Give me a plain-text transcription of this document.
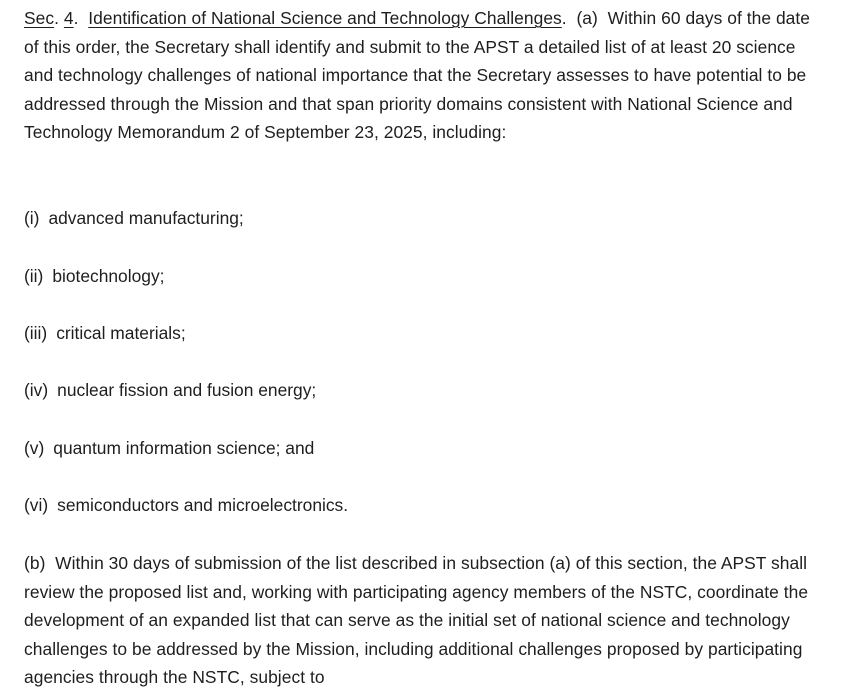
Sec. 4.  Identification of National Science and Technology Challenges.  (a) Within 60 days of the date of this order, the Secretary shall identify and submit to the APST a detailed list of at least 20 science and technology challenges of national importance that the Secretary assesses to have potential to be addressed through the Mission and that span priority domains consistent with National Science and Technology Memorandum 2 of September 23, 2025, including:

(i) advanced manufacturing;

(ii) biotechnology;

(iii) critical materials;

(iv) nuclear fission and fusion energy;

(v) quantum information science; and

(vi) semiconductors and microelectronics.

(b) Within 30 days of submission of the list described in subsection (a) of this section, the APST shall review the proposed list and, working with participating agency members of the NSTC, coordinate the development of an expanded list that can serve as the initial set of national science and technology challenges to be addressed by the Mission, including additional challenges proposed by participating agencies through the NSTC, subject to
